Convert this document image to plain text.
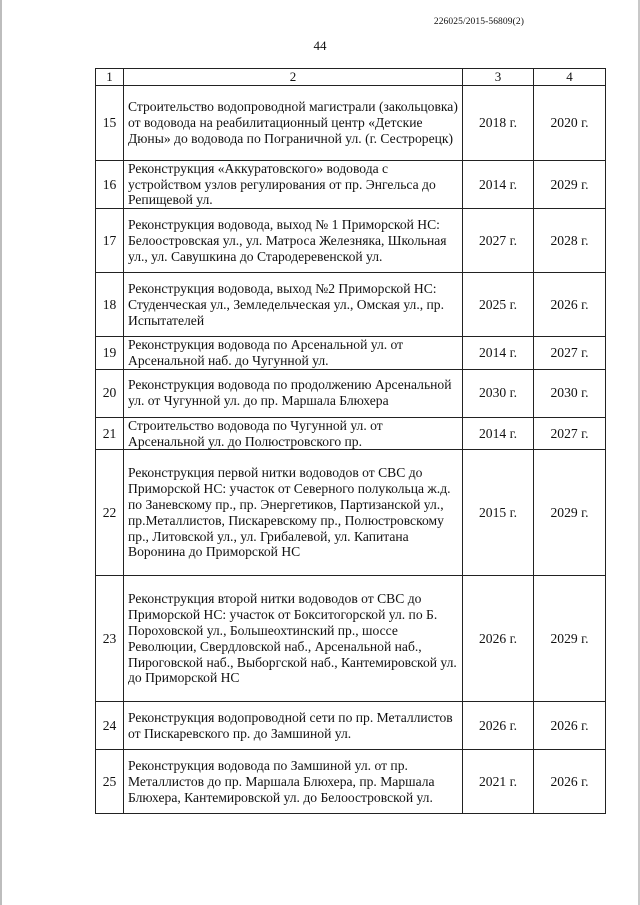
226025/2015-56809(2)
44
1	2	3	4
15	Строительство водопроводной магистрали (закольцовка) от водовода на реабилитационный центр «Детские Дюны» до водовода по Пограничной ул. (г. Сестрорецк)	2018 г.	2020 г.
16	Реконструкция «Аккуратовского» водовода с устройством узлов регулирования от пр. Энгельса до Репищевой ул.	2014 г.	2029 г.
17	Реконструкция водовода, выход № 1 Приморской НС: Белоостровская ул., ул. Матроса Железняка, Школьная ул., ул. Савушкина до Стародеревенской ул.	2027 г.	2028 г.
18	Реконструкция водовода, выход №2 Приморской НС: Студенческая ул., Земледельческая ул., Омская ул., пр. Испытателей	2025 г.	2026 г.
19	Реконструкция водовода по Арсенальной ул. от Арсенальной наб. до Чугунной ул.	2014 г.	2027 г.
20	Реконструкция водовода по продолжению Арсенальной ул. от Чугунной ул. до пр. Маршала Блюхера	2030 г.	2030 г.
21	Строительство водовода по Чугунной ул. от Арсенальной ул. до Полюстровского пр.	2014 г.	2027 г.
22	Реконструкция первой нитки водоводов от СВС до Приморской НС: участок от Северного полукольца ж.д. по Заневскому пр., пр. Энергетиков, Партизанской ул., пр.Металлистов, Пискаревскому пр., Полюстровскому пр., Литовской ул., ул. Грибалевой, ул. Капитана Воронина до Приморской НС	2015 г.	2029 г.
23	Реконструкция второй нитки водоводов от СВС до Приморской НС: участок от Бокситогорской ул. по Б. Пороховской ул., Большеохтинский пр., шоссе Революции, Свердловской наб., Арсенальной наб., Пироговской наб., Выборгской наб., Кантемировской ул. до Приморской НС	2026 г.	2029 г.
24	Реконструкция водопроводной сети по пр. Металлистов от Пискаревского пр. до Замшиной ул.	2026 г.	2026 г.
25	Реконструкция водовода по Замшиной ул. от пр. Металлистов до пр. Маршала Блюхера, пр. Маршала Блюхера, Кантемировской ул. до Белоостровской ул.	2021 г.	2026 г.
